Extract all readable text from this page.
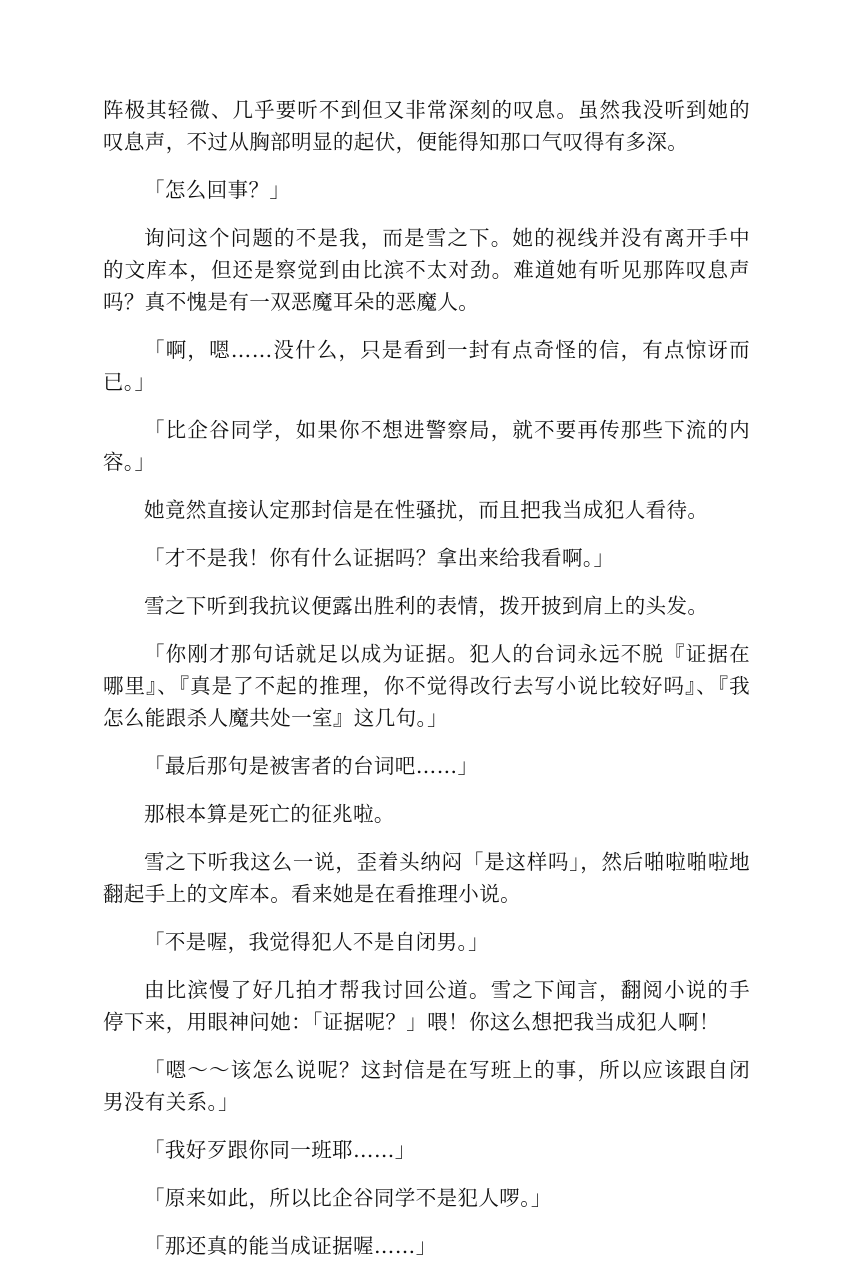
阵极其轻微、几乎要听不到但又非常深刻的叹息。虽然我没听到她的叹息声，不过从胸部明显的起伏，便能得知那口气叹得有多深。

「怎么回事？」

询问这个问题的不是我，而是雪之下。她的视线并没有离开手中的文库本，但还是察觉到由比滨不太对劲。难道她有听见那阵叹息声吗？真不愧是有一双恶魔耳朵的恶魔人。

「啊，嗯……没什么，只是看到一封有点奇怪的信，有点惊讶而已。」

「比企谷同学，如果你不想进警察局，就不要再传那些下流的内容。」

她竟然直接认定那封信是在性骚扰，而且把我当成犯人看待。

「才不是我！你有什么证据吗？拿出来给我看啊。」

雪之下听到我抗议便露出胜利的表情，拨开披到肩上的头发。

「你刚才那句话就足以成为证据。犯人的台词永远不脱『证据在哪里』、『真是了不起的推理，你不觉得改行去写小说比较好吗』、『我怎么能跟杀人魔共处一室』这几句。」

「最后那句是被害者的台词吧……」

那根本算是死亡的征兆啦。

雪之下听我这么一说，歪着头纳闷「是这样吗」，然后啪啦啪啦地翻起手上的文库本。看来她是在看推理小说。

「不是喔，我觉得犯人不是自闭男。」

由比滨慢了好几拍才帮我讨回公道。雪之下闻言，翻阅小说的手停下来，用眼神问她：「证据呢？」喂！你这么想把我当成犯人啊！

「嗯～～该怎么说呢？这封信是在写班上的事，所以应该跟自闭男没有关系。」

「我好歹跟你同一班耶……」

「原来如此，所以比企谷同学不是犯人啰。」

「那还真的能当成证据喔……」
